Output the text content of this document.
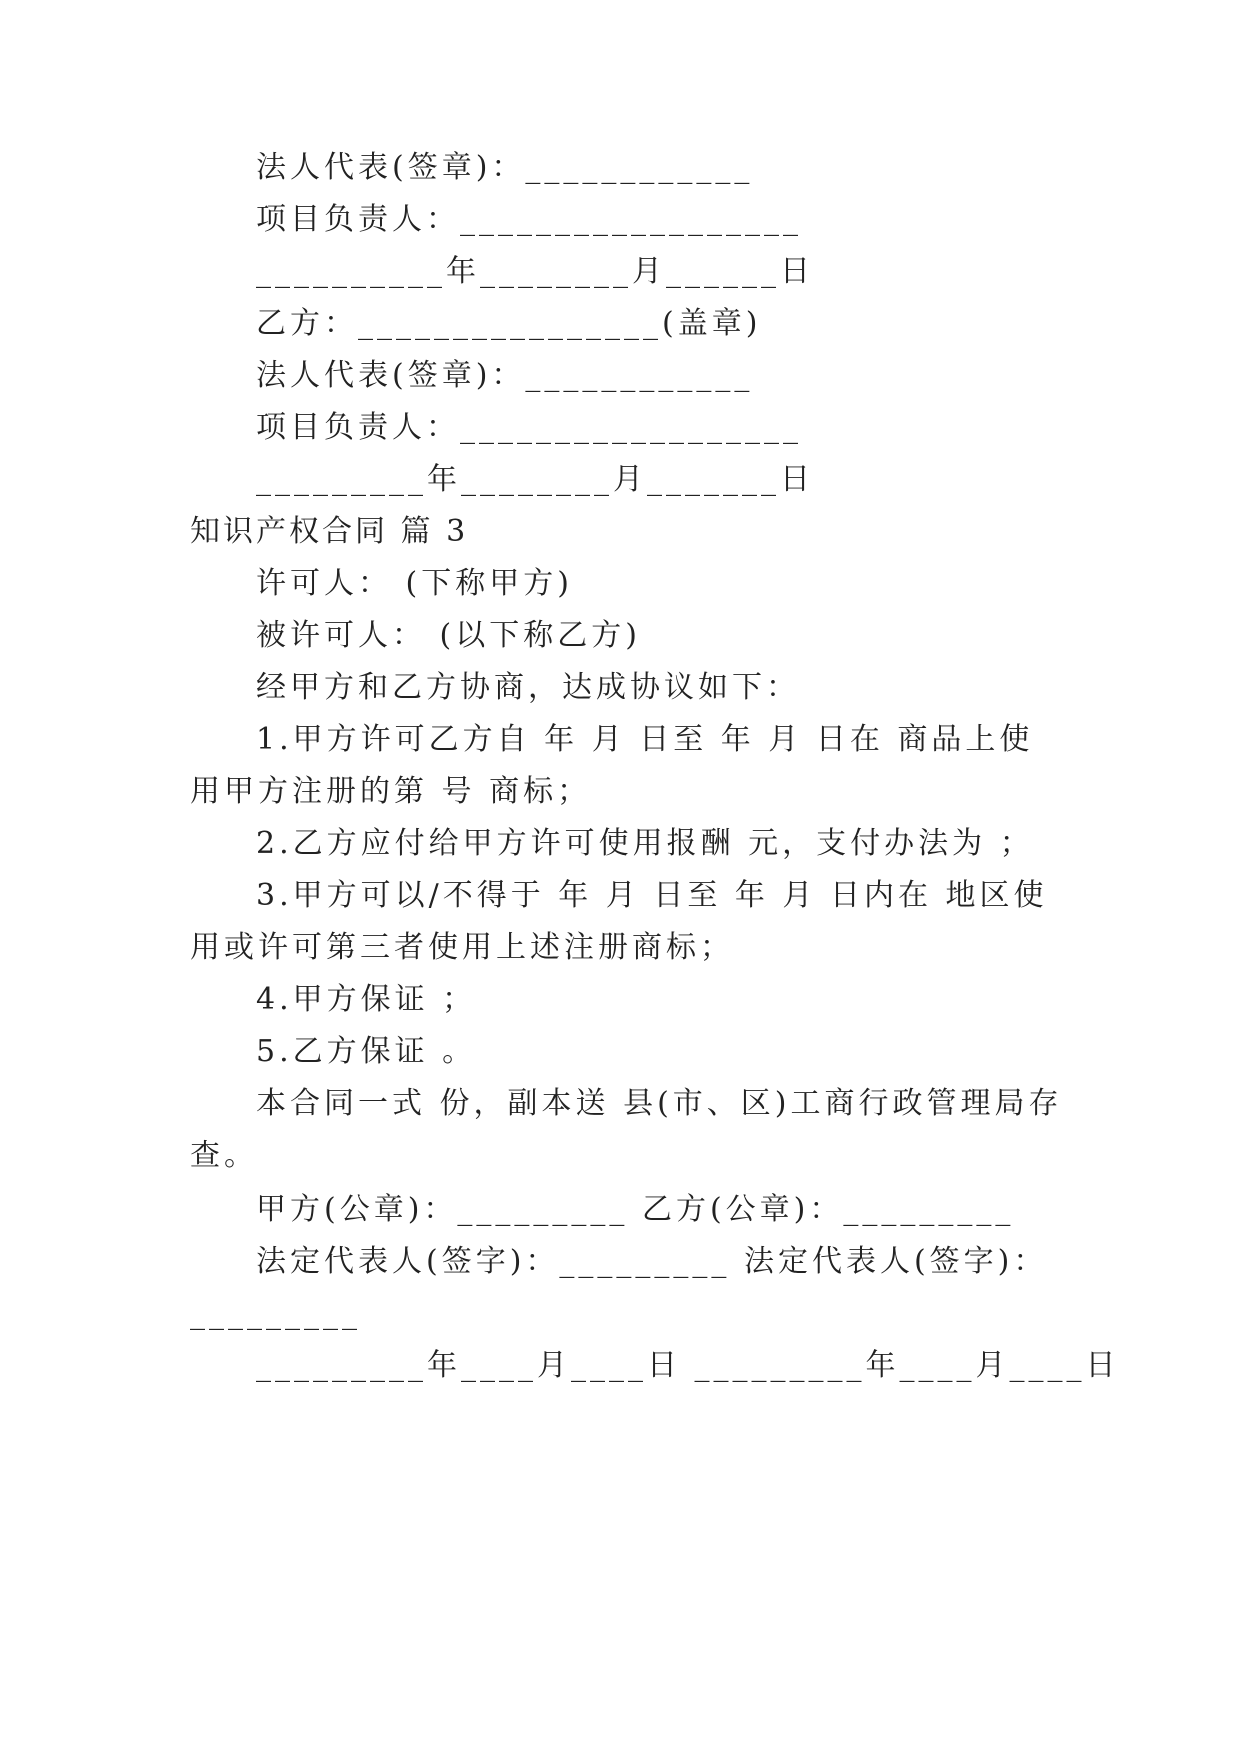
法人代表(签章)：____________
项目负责人：__________________
__________年________月______日
乙方：________________(盖章)
法人代表(签章)：____________
项目负责人：__________________
_________年________月_______日
知识产权合同 篇 3
许可人： (下称甲方)
被许可人： (以下称乙方)
经甲方和乙方协商，达成协议如下：
1.甲方许可乙方自 年 月 日至 年 月 日在 商品上使
用甲方注册的第 号 商标；
2.乙方应付给甲方许可使用报酬 元，支付办法为 ；
3.甲方可以/不得于 年 月 日至 年 月 日内在 地区使
用或许可第三者使用上述注册商标；
4.甲方保证 ；
5.乙方保证 。
本合同一式 份，副本送 县(市、区)工商行政管理局存
查。
甲方(公章)：_________ 乙方(公章)：_________
法定代表人(签字)：_________ 法定代表人(签字)：
_________
_________年____月____日 _________年____月____日
